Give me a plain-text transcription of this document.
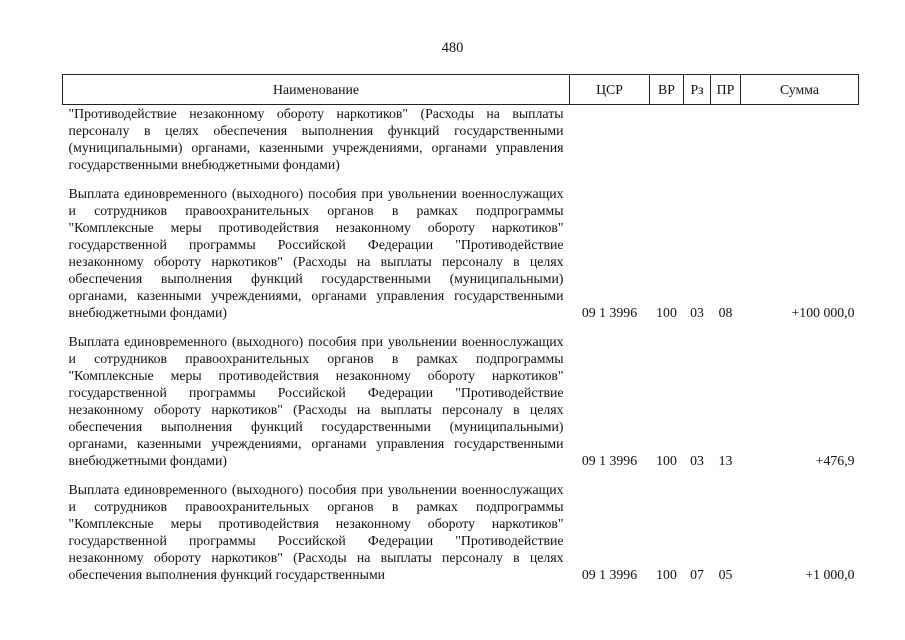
480
Наименование	ЦСР	ВР	Рз	ПР	Сумма
"Противодействие незаконному обороту наркотиков" (Расходы на выплаты персоналу в целях обеспечения выполнения функций государственными (муниципальными) органами, казенными учреждениями, органами управления государственными внебюджетными фондами)					
Выплата единовременного (выходного) пособия при увольнении военнослужащих и сотрудников правоохранительных органов в рамках подпрограммы "Комплексные меры противодействия незаконному обороту наркотиков" государственной программы Российской Федерации "Противодействие незаконному обороту наркотиков" (Расходы на выплаты персоналу в целях обеспечения выполнения функций государственными (муниципальными) органами, казенными учреждениями, органами управления государственными внебюджетными фондами)	09 1 3996	100	03	08	+100 000,0
Выплата единовременного (выходного) пособия при увольнении военнослужащих и сотрудников правоохранительных органов в рамках подпрограммы "Комплексные меры противодействия незаконному обороту наркотиков" государственной программы Российской Федерации "Противодействие незаконному обороту наркотиков" (Расходы на выплаты персоналу в целях обеспечения выполнения функций государственными (муниципальными) органами, казенными учреждениями, органами управления государственными внебюджетными фондами)	09 1 3996	100	03	13	+476,9
Выплата единовременного (выходного) пособия при увольнении военнослужащих и сотрудников правоохранительных органов в рамках подпрограммы "Комплексные меры противодействия незаконному обороту наркотиков" государственной программы Российской Федерации "Противодействие незаконному обороту наркотиков" (Расходы на выплаты персоналу в целях обеспечения выполнения функций государственными	09 1 3996	100	07	05	+1 000,0
